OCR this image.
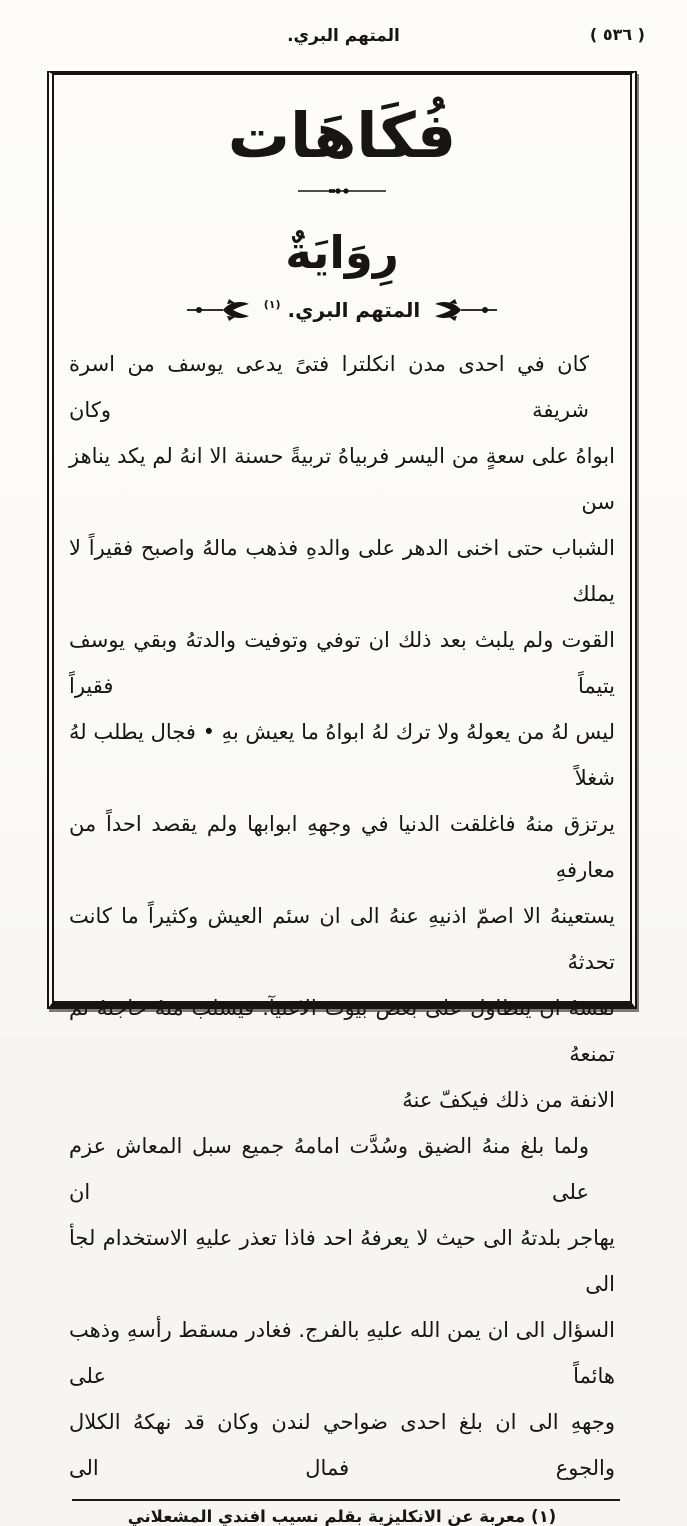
المتهم البري.	( ٥٣٦ )
فُكَاهَات
رِوَايَةٌ
المتهم البري.
$^{(١)}$
كان في احدى مدن انكلترا فتىً يدعى يوسف من اسرة شريفة وكان
ابواهُ على سعةٍ من اليسر فربياهُ تربيةً حسنة الا انهُ لم يكد يناهز سن
الشباب حتى اخنى الدهر على والدهِ فذهب مالهُ واصبح فقيراً لا يملك
القوت ولم يلبث بعد ذلك ان توفي وتوفيت والدتهُ وبقي يوسف يتيماً فقيراً
ليس لهُ من يعولهُ ولا ترك لهُ ابواهُ ما يعيش بهِ • فجال يطلب لهُ شغلاً
يرتزق منهُ فاغلقت الدنيا في وجههِ ابوابها ولم يقصد احداً من معارفهِ
يستعينهُ الا اصمّ اذنيهِ عنهُ الى ان سئم العيش وكثيراً ما كانت تحدثهُ
نفسهُ ان يتطاول على بعض بيوت الاغنيآ. فيسلب منهُ حاجتهُ ثم تمنعهُ
الانفة من ذلك فيكفّ عنهُ
ولما بلغ منهُ الضيق وسُدَّت امامهُ جميع سبل المعاش عزم على ان
يهاجر بلدتهُ الى حيث لا يعرفهُ احد فاذا تعذر عليهِ الاستخدام لجأ الى
السؤال الى ان يمن الله عليهِ بالفرج. فغادر مسقط رأسهِ وذهب هائماً على
وجههِ الى ان بلغ احدى ضواحي لندن وكان قد نهكهُ الكلال والجوع فمال الى
(١) معربة عن الانكليزية بقلم نسيب افندي المشعلاني
